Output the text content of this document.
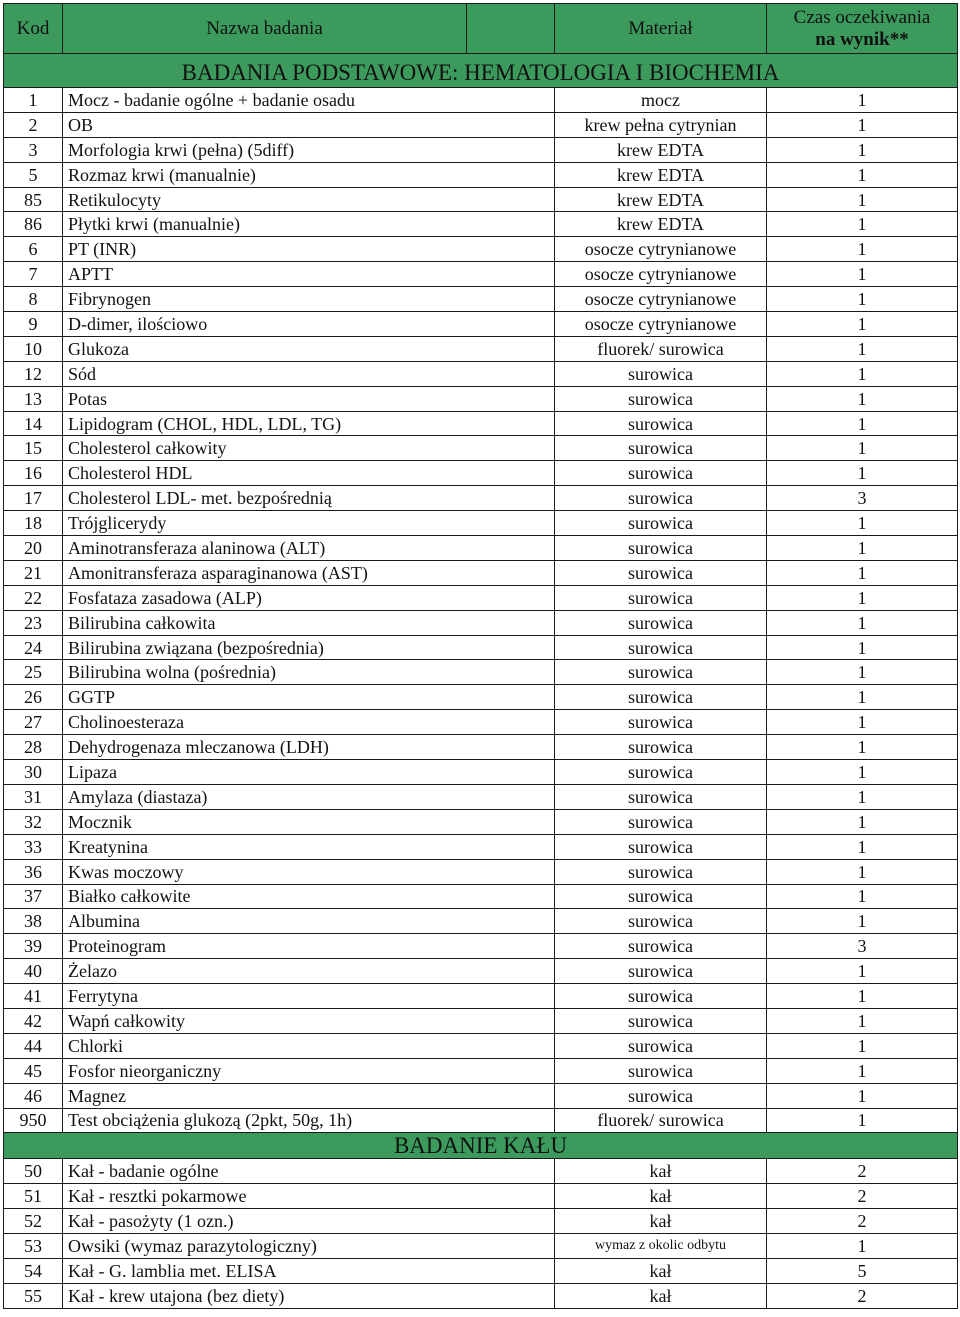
Kod	Nazwa badania		Materiał	Czas oczekiwania
na wynik**

BADANIA PODSTAWOWE: HEMATOLOGIA I BIOCHEMIA				
1	Mocz - badanie ogólne + badanie osadu		mocz	1
2	OB		krew pełna cytrynian	1
3	Morfologia krwi (pełna) (5diff)		krew EDTA	1
5	Rozmaz krwi (manualnie)		krew EDTA	1
85	Retikulocyty		krew EDTA	1
86	Płytki krwi (manualnie)		krew EDTA	1
6	PT (INR)		osocze cytrynianowe	1
7	APTT		osocze cytrynianowe	1
8	Fibrynogen		osocze cytrynianowe	1
9	D-dimer, ilościowo		osocze cytrynianowe	1
10	Glukoza		fluorek/ surowica	1
12	Sód		surowica	1
13	Potas		surowica	1
14	Lipidogram (CHOL, HDL, LDL, TG)		surowica	1
15	Cholesterol całkowity		surowica	1
16	Cholesterol HDL		surowica	1
17	Cholesterol LDL- met. bezpośrednią		surowica	3
18	Trójglicerydy		surowica	1
20	Aminotransferaza alaninowa (ALT)		surowica	1
21	Amonitransferaza asparaginanowa (AST)		surowica	1
22	Fosfataza zasadowa (ALP)		surowica	1
23	Bilirubina całkowita		surowica	1
24	Bilirubina związana (bezpośrednia)		surowica	1
25	Bilirubina wolna (pośrednia)		surowica	1
26	GGTP		surowica	1
27	Cholinoesteraza		surowica	1
28	Dehydrogenaza mleczanowa (LDH)		surowica	1
30	Lipaza		surowica	1
31	Amylaza (diastaza)		surowica	1
32	Mocznik		surowica	1
33	Kreatynina		surowica	1
36	Kwas moczowy		surowica	1
37	Białko całkowite		surowica	1
38	Albumina		surowica	1
39	Proteinogram		surowica	3
40	Żelazo		surowica	1
41	Ferrytyna		surowica	1
42	Wapń całkowity		surowica	1
44	Chlorki		surowica	1
45	Fosfor nieorganiczny		surowica	1
46	Magnez		surowica	1
950	Test obciążenia glukozą (2pkt, 50g, 1h)		fluorek/ surowica	1
BADANIE KAŁU				
50	Kał - badanie ogólne		kał	2
51	Kał - resztki pokarmowe		kał	2
52	Kał - pasożyty (1 ozn.)		kał	2
53	Owsiki (wymaz parazytologiczny)		wymaz z okolic odbytu	1
54	Kał - G. lamblia met. ELISA		kał	5
55	Kał - krew utajona (bez diety)		kał	2
